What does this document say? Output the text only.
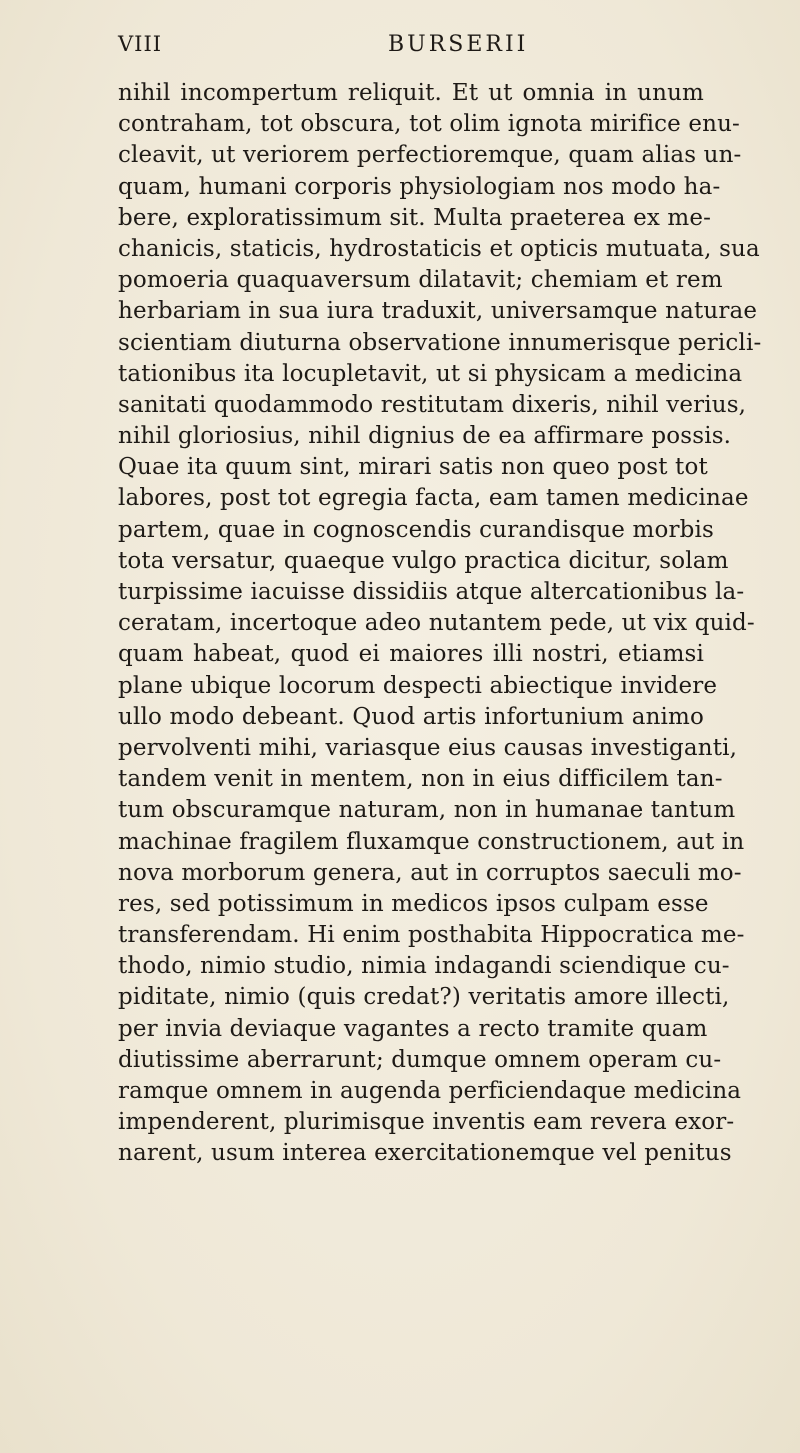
VIII	BURSERII
nihil incompertum reliquit. Et ut omnia in unum
contraham, tot obscura, tot olim ignota mirifice enu-
cleavit, ut veriorem perfectioremque, quam alias un-
quam, humani corporis physiologiam nos modo ha-
bere, exploratissimum sit. Multa praeterea ex me-
chanicis, staticis, hydrostaticis et opticis mutuata, sua
pomoeria quaquaversum dilatavit; chemiam et rem
herbariam in sua iura traduxit, universamque naturae
scientiam diuturna observatione innumerisque pericli-
tationibus ita locupletavit, ut si physicam a medicina
sanitati quodammodo restitutam dixeris, nihil verius,
nihil gloriosius, nihil dignius de ea affirmare possis.
Quae ita quum sint, mirari satis non queo post tot
labores, post tot egregia facta, eam tamen medicinae
partem, quae in cognoscendis curandisque morbis
tota versatur, quaeque vulgo practica dicitur, solam
turpissime iacuisse dissidiis atque altercationibus la-
ceratam, incertoque adeo nutantem pede, ut vix quid-
quam habeat, quod ei maiores illi nostri, etiamsi
plane ubique locorum despecti abiectique invidere
ullo modo debeant. Quod artis infortunium animo
pervolventi mihi, variasque eius causas investiganti,
tandem venit in mentem, non in eius difficilem tan-
tum obscuramque naturam, non in humanae tantum
machinae fragilem fluxamque constructionem, aut in
nova morborum genera, aut in corruptos saeculi mo-
res, sed potissimum in medicos ipsos culpam esse
transferendam. Hi enim posthabita Hippocratica me-
thodo, nimio studio, nimia indagandi sciendique cu-
piditate, nimio (quis credat?) veritatis amore illecti,
per invia deviaque vagantes a recto tramite quam
diutissime aberrarunt; dumque omnem operam cu-
ramque omnem in augenda perficiendaque medicina
impenderent, plurimisque inventis eam revera exor-
narent, usum interea exercitationemque vel penitus
